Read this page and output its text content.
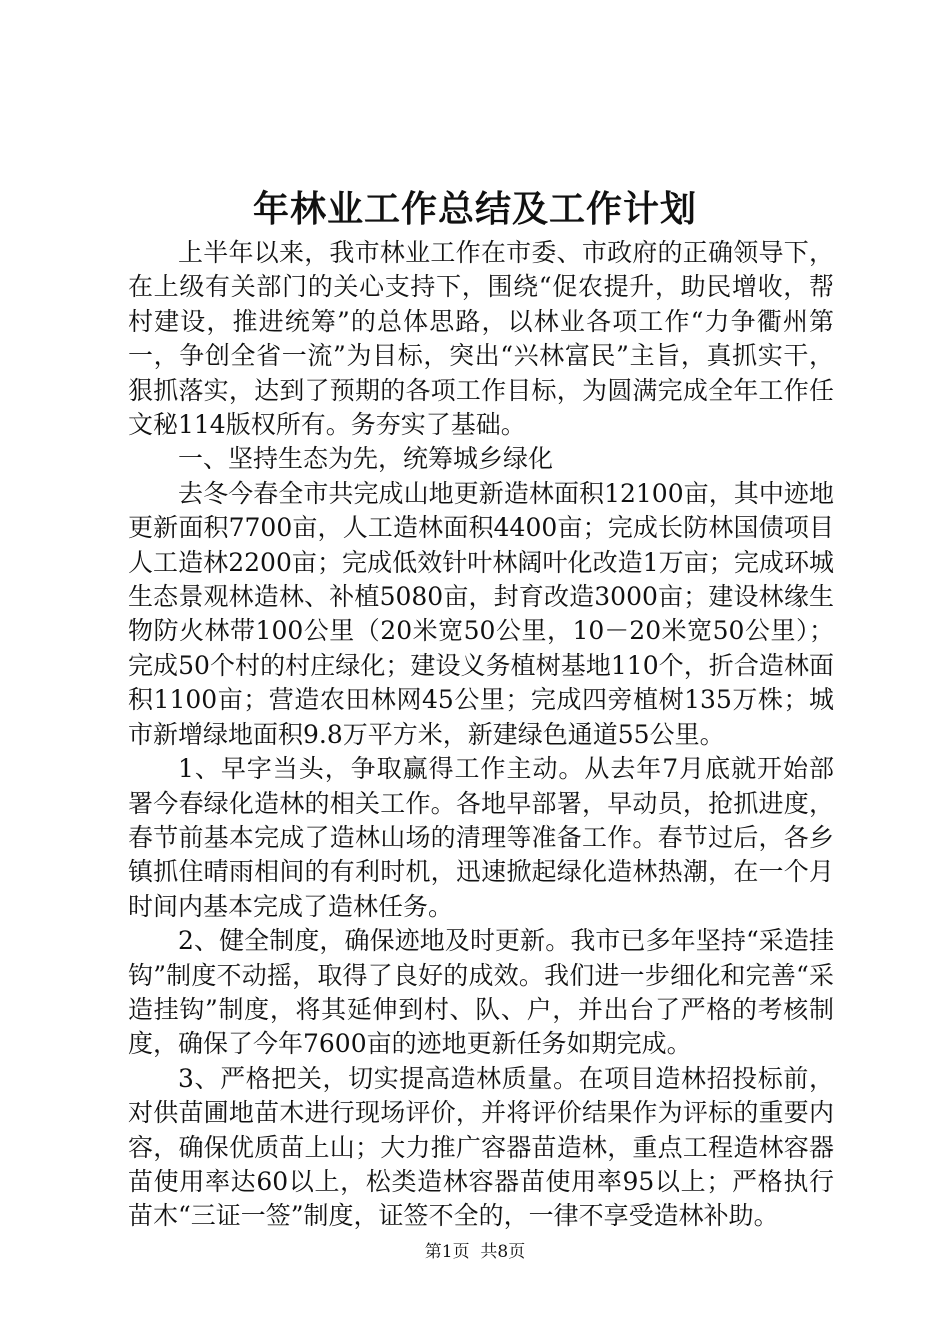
年林业工作总结及工作计划

上半年以来，我市林业工作在市委、市政府的正确领导下，在上级有关部门的关心支持下，围绕“促农提升，助民增收，帮村建设，推进统筹”的总体思路，以林业各项工作“力争衢州第一，争创全省一流”为目标，突出“兴林富民”主旨，真抓实干，狠抓落实，达到了预期的各项工作目标，为圆满完成全年工作任文秘114版权所有。务夯实了基础。

一、坚持生态为先，统筹城乡绿化

去冬今春全市共完成山地更新造林面积12100亩，其中迹地更新面积7700亩，人工造林面积4400亩；完成长防林国债项目人工造林2200亩；完成低效针叶林阔叶化改造1万亩；完成环城生态景观林造林、补植5080亩，封育改造3000亩；建设林缘生物防火林带100公里（20米宽50公里，10－20米宽50公里）；完成50个村的村庄绿化；建设义务植树基地110个，折合造林面积1100亩；营造农田林网45公里；完成四旁植树135万株；城市新增绿地面积9.8万平方米，新建绿色通道55公里。

1、早字当头，争取赢得工作主动。从去年7月底就开始部署今春绿化造林的相关工作。各地早部署，早动员，抢抓进度，春节前基本完成了造林山场的清理等准备工作。春节过后，各乡镇抓住晴雨相间的有利时机，迅速掀起绿化造林热潮，在一个月时间内基本完成了造林任务。

2、健全制度，确保迹地及时更新。我市已多年坚持“采造挂钩”制度不动摇，取得了良好的成效。我们进一步细化和完善“采造挂钩”制度，将其延伸到村、队、户，并出台了严格的考核制度，确保了今年7600亩的迹地更新任务如期完成。

3、严格把关，切实提高造林质量。在项目造林招投标前，对供苗圃地苗木进行现场评价，并将评价结果作为评标的重要内容，确保优质苗上山；大力推广容器苗造林，重点工程造林容器苗使用率达60以上，松类造林容器苗使用率95以上；严格执行苗木“三证一签”制度，证签不全的，一律不享受造林补助。

第1页 共8页
